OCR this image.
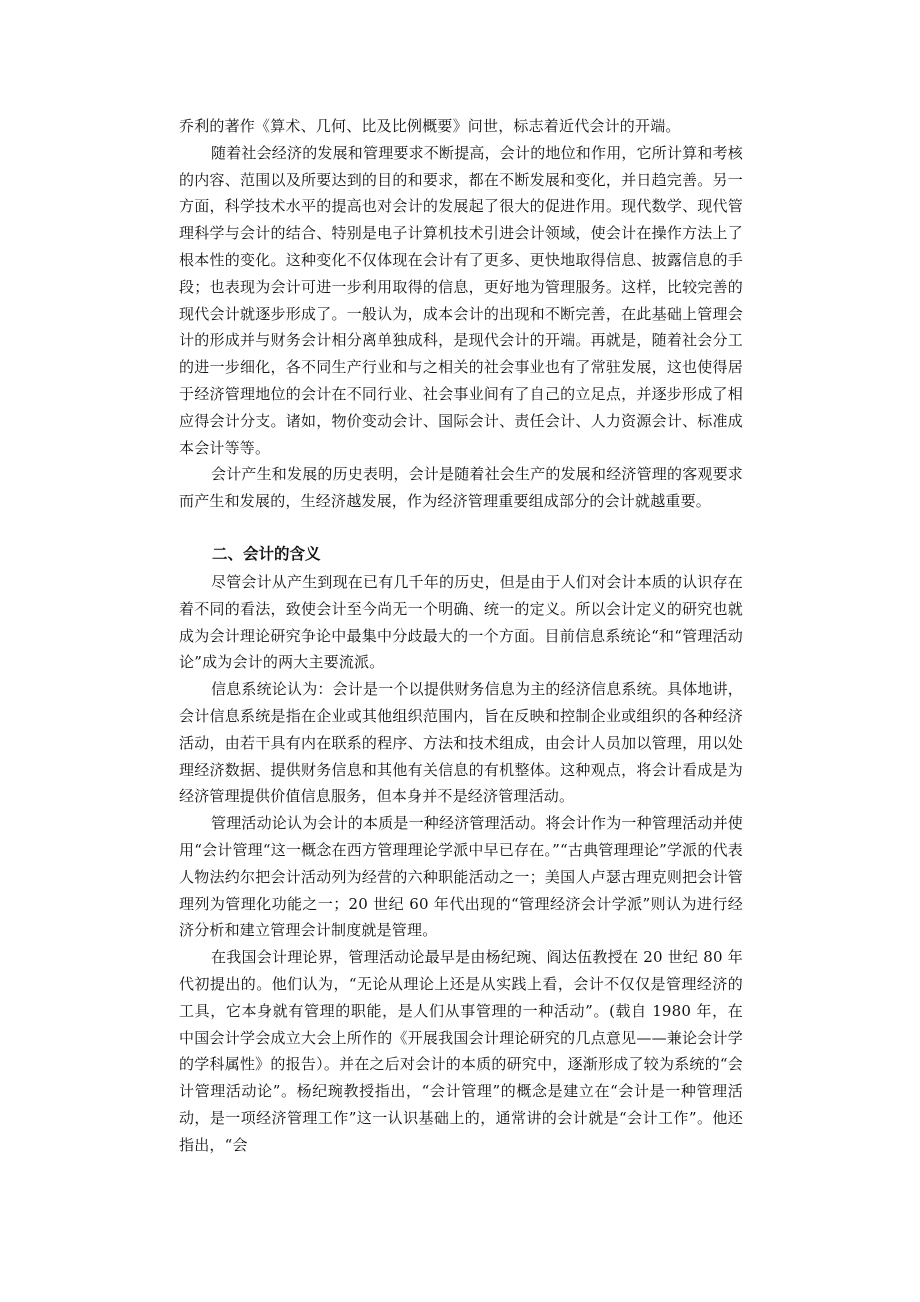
乔利的著作《算术、几何、比及比例概要》问世，标志着近代会计的开端。

随着社会经济的发展和管理要求不断提高，会计的地位和作用，它所计算和考核的内容、范围以及所要达到的目的和要求，都在不断发展和变化，并日趋完善。另一方面，科学技术水平的提高也对会计的发展起了很大的促进作用。现代数学、现代管理科学与会计的结合、特别是电子计算机技术引进会计领域，使会计在操作方法上了根本性的变化。这种变化不仅体现在会计有了更多、更快地取得信息、披露信息的手段；也表现为会计可进一步利用取得的信息，更好地为管理服务。这样，比较完善的现代会计就逐步形成了。一般认为，成本会计的出现和不断完善，在此基础上管理会计的形成并与财务会计相分离单独成科，是现代会计的开端。再就是，随着社会分工的进一步细化，各不同生产行业和与之相关的社会事业也有了常驻发展，这也使得居于经济管理地位的会计在不同行业、社会事业间有了自己的立足点，并逐步形成了相应得会计分支。诸如，物价变动会计、国际会计、责任会计、人力资源会计、标准成本会计等等。

会计产生和发展的历史表明，会计是随着社会生产的发展和经济管理的客观要求而产生和发展的，生经济越发展，作为经济管理重要组成部分的会计就越重要。

二、会计的含义

尽管会计从产生到现在已有几千年的历史，但是由于人们对会计本质的认识存在着不同的看法，致使会计至今尚无一个明确、统一的定义。所以会计定义的研究也就成为会计理论研究争论中最集中分歧最大的一个方面。目前信息系统论“和“管理活动论”成为会计的两大主要流派。

信息系统论认为：会计是一个以提供财务信息为主的经济信息系统。具体地讲，会计信息系统是指在企业或其他组织范围内，旨在反映和控制企业或组织的各种经济活动，由若干具有内在联系的程序、方法和技术组成，由会计人员加以管理，用以处理经济数据、提供财务信息和其他有关信息的有机整体。这种观点，将会计看成是为经济管理提供价值信息服务，但本身并不是经济管理活动。

管理活动论认为会计的本质是一种经济管理活动。将会计作为一种管理活动并使用“会计管理“这一概念在西方管理理论学派中早已存在。”“古典管理理论”学派的代表人物法约尔把会计活动列为经营的六种职能活动之一；美国人卢瑟古理克则把会计管理列为管理化功能之一；20 世纪 60 年代出现的“管理经济会计学派”则认为进行经济分析和建立管理会计制度就是管理。

在我国会计理论界，管理活动论最早是由杨纪琬、阎达伍教授在 20 世纪 80 年代初提出的。他们认为，“无论从理论上还是从实践上看，会计不仅仅是管理经济的工具，它本身就有管理的职能，是人们从事管理的一种活动”。(载自 1980 年，在中国会计学会成立大会上所作的《开展我国会计理论研究的几点意见——兼论会计学的学科属性》的报告）。并在之后对会计的本质的研究中，逐渐形成了较为系统的“会计管理活动论”。杨纪琬教授指出，“会计管理”的概念是建立在“会计是一种管理活动，是一项经济管理工作”这一认识基础上的，通常讲的会计就是“会计工作”。他还指出，“会
